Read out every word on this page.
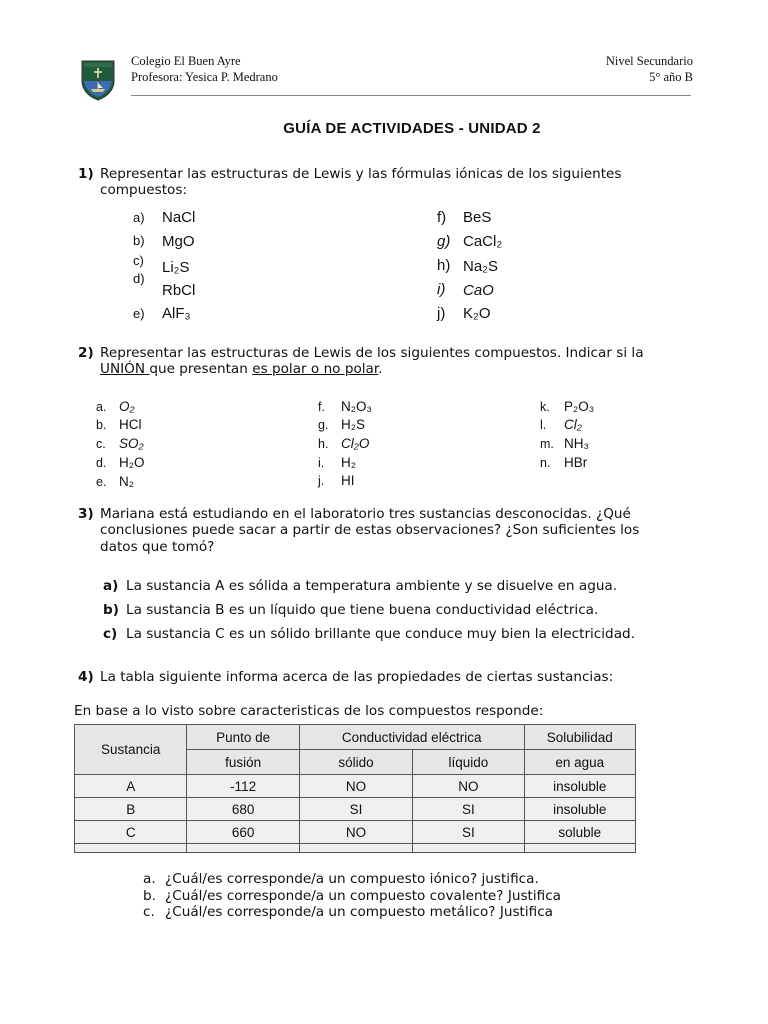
Colegio El Buen Ayre
Profesora: Yesica P. Medrano
Nivel Secundario
5° año B
GUÍA DE ACTIVIDADES - UNIDAD 2
1) Representar las estructuras de Lewis y las fórmulas iónicas de los siguientes
compuestos:
a) NaCl
b) MgO
c) Li₂S
d)
RbCl
e) AlF₃
f) BeS
g) CaCl₂
h) Na₂S
i) CaO
j) K₂O
2) Representar las estructuras de Lewis de los siguientes compuestos. Indicar si la
UNIÓN que presentan es polar o no polar.
a. O₂
b. HCl
c. SO₂
d. H₂O
e. N₂
f. N₂O₃
g. H₂S
h. Cl₂O
i. H₂
j. HI
k. P₂O₃
l. Cl₂
m. NH₃
n. HBr
3) Mariana está estudiando en el laboratorio tres sustancias desconocidas. ¿Qué
conclusiones puede sacar a partir de estas observaciones? ¿Son suficientes los
datos que tomó?
a) La sustancia A es sólida a temperatura ambiente y se disuelve en agua.
b) La sustancia B es un líquido que tiene buena conductividad eléctrica.
c) La sustancia C es un sólido brillante que conduce muy bien la electricidad.
4) La tabla siguiente informa acerca de las propiedades de ciertas sustancias:
En base a lo visto sobre caracteristicas de los compuestos responde:
Sustancia	Punto de	Conductividad eléctrica		Solubilidad
	fusión	sólido	líquido	en agua
A	-112	NO	NO	insoluble
B	680	SI	SI	insoluble
C	660	NO	SI	soluble

a. ¿Cuál/es corresponde/a un compuesto iónico? justifica.
b. ¿Cuál/es corresponde/a un compuesto covalente? Justifica
c. ¿Cuál/es corresponde/a un compuesto metálico? Justifica
